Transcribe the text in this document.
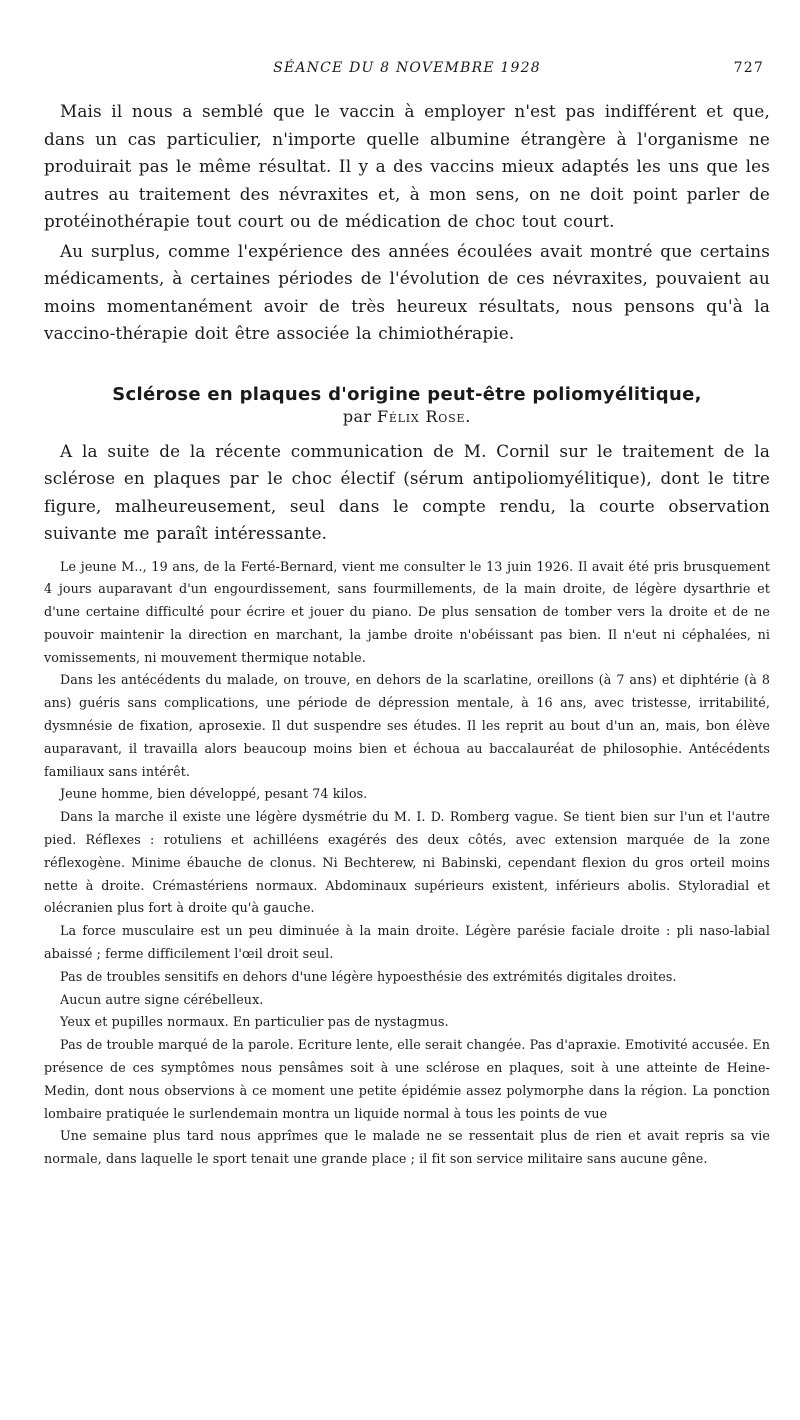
SÉANCE DU 8 NOVEMBRE 1928	727

Mais il nous a semblé que le vaccin à employer n'est pas indifférent et que, dans un cas particulier, n'importe quelle albumine étrangère à l'organisme ne produirait pas le même résultat. Il y a des vaccins mieux adaptés les uns que les autres au traitement des névraxites et, à mon sens, on ne doit point parler de protéinothérapie tout court ou de médication de choc tout court.

Au surplus, comme l'expérience des années écoulées avait montré que certains médicaments, à certaines périodes de l'évolution de ces névraxites, pouvaient au moins momentanément avoir de très heureux résultats, nous pensons qu'à la vaccino-thérapie doit être associée la chimiothérapie.

Sclérose en plaques d'origine peut-être poliomyélitique,
par Félix Rose.

A la suite de la récente communication de M. Cornil sur le traitement de la sclérose en plaques par le choc électif (sérum antipoliomyélitique), dont le titre figure, malheureusement, seul dans le compte rendu, la courte observation suivante me paraît intéressante.

Le jeune M.., 19 ans, de la Ferté-Bernard, vient me consulter le 13 juin 1926. Il avait été pris brusquement 4 jours auparavant d'un engourdissement, sans fourmillements, de la main droite, de légère dysarthrie et d'une certaine difficulté pour écrire et jouer du piano. De plus sensation de tomber vers la droite et de ne pouvoir maintenir la direction en marchant, la jambe droite n'obéissant pas bien. Il n'eut ni céphalées, ni vomissements, ni mouvement thermique notable.

Dans les antécédents du malade, on trouve, en dehors de la scarlatine, oreillons (à 7 ans) et diphtérie (à 8 ans) guéris sans complications, une période de dépression mentale, à 16 ans, avec tristesse, irritabilité, dysmnésie de fixation, aprosexie. Il dut suspendre ses études. Il les reprit au bout d'un an, mais, bon élève auparavant, il travailla alors beaucoup moins bien et échoua au baccalauréat de philosophie. Antécédents familiaux sans intérêt.

Jeune homme, bien développé, pesant 74 kilos.

Dans la marche il existe une légère dysmétrie du M. I. D. Romberg vague. Se tient bien sur l'un et l'autre pied. Réflexes : rotuliens et achilléens exagérés des deux côtés, avec extension marquée de la zone réflexogène. Minime ébauche de clonus. Ni Bechterew, ni Babinski, cependant flexion du gros orteil moins nette à droite. Crémastériens normaux. Abdominaux supérieurs existent, inférieurs abolis. Styloradial et olécranien plus fort à droite qu'à gauche.

La force musculaire est un peu diminuée à la main droite. Légère parésie faciale droite : pli naso-labial abaissé ; ferme difficilement l'œil droit seul.

Pas de troubles sensitifs en dehors d'une légère hypoesthésie des extrémités digitales droites.

Aucun autre signe cérébelleux.

Yeux et pupilles normaux. En particulier pas de nystagmus.

Pas de trouble marqué de la parole. Ecriture lente, elle serait changée. Pas d'apraxie. Emotivité accusée. En présence de ces symptômes nous pensâmes soit à une sclérose en plaques, soit à une atteinte de Heine-Medin, dont nous observions à ce moment une petite épidémie assez polymorphe dans la région. La ponction lombaire pratiquée le surlendemain montra un liquide normal à tous les points de vue

Une semaine plus tard nous apprîmes que le malade ne se ressentait plus de rien et avait repris sa vie normale, dans laquelle le sport tenait une grande place ; il fit son service militaire sans aucune gêne.
